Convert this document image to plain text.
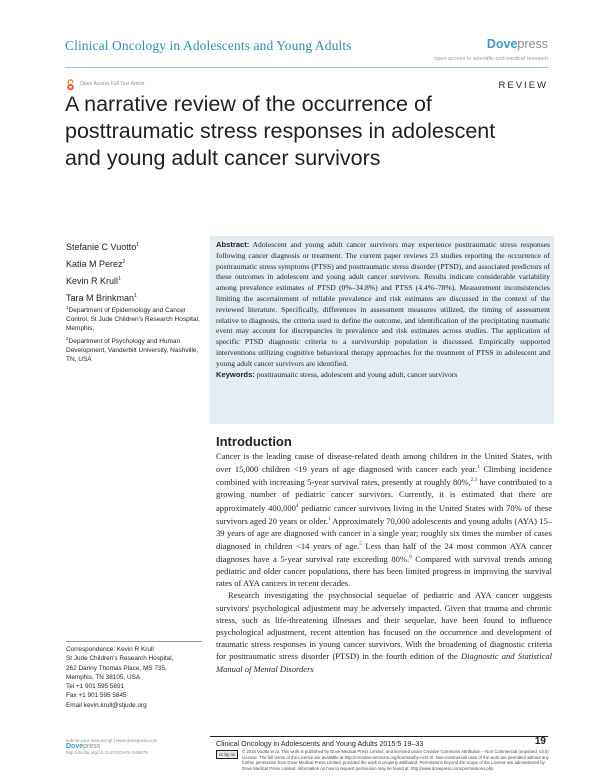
Clinical Oncology in Adolescents and Young Adults	Dovepress
open access to scientific and medical research
Open Access Full Text Article	REVIEW
A narrative review of the occurrence of posttraumatic stress responses in adolescent and young adult cancer survivors
Stefanie C Vuotto$^1$
Katia M Perez$^2$
Kevin R Krull$^1$
Tara M Brinkman$^1$

$^1$Department of Epidemiology and Cancer Control, St Jude Children's Research Hospital, Memphis,

$^2$Department of Psychology and Human Development, Vanderbilt University, Nashville, TN, USA

Abstract: Adolescent and young adult cancer survivors may experience posttraumatic stress responses following cancer diagnosis or treatment. The current paper reviews 23 studies reporting the occurrence of posttraumatic stress symptoms (PTSS) and posttraumatic stress disorder (PTSD), and associated predictors of these outcomes in adolescent and young adult cancer survivors. Results indicate considerable variability among prevalence estimates of PTSD (0%–34.8%) and PTSS (4.4%–78%). Measurement inconsistencies limiting the ascertainment of reliable prevalence and risk estimates are discussed in the context of the reviewed literature. Specifically, differences in assessment measures utilized, the timing of assessment relative to diagnosis, the criteria used to define the outcome, and identification of the precipitating traumatic event may account for discrepancies in prevalence and risk estimates across studies. The application of specific PTSD diagnostic criteria to a survivorship population is discussed. Empirically supported interventions utilizing cognitive behavioral therapy approaches for the treatment of PTSS in adolescent and young adult cancer survivors are identified.

Keywords: posttraumatic stress, adolescent and young adult, cancer survivors

Introduction

Cancer is the leading cause of disease-related death among children in the United States, with over 15,000 children <19 years of age diagnosed with cancer each year.$^1$ Climbing incidence combined with increasing 5-year survival rates, presently at roughly 80%,$^{2,3}$ have contributed to a growing number of pediatric cancer survivors. Currently, it is estimated that there are approximately 400,000$^4$ pediatric cancer survivors living in the United States with 70% of these survivors aged 20 years or older.$^1$ Approximately 70,000 adolescents and young adults (AYA) 15–39 years of age are diagnosed with cancer in a single year; roughly six times the number of cases diagnosed in children <14 years of age.$^5$ Less than half of the 24 most common AYA cancer diagnoses have a 5-year survival rate exceeding 80%.$^6$ Compared with survival trends among pediatric and older cancer populations, there has been limited progress in improving the survival rates of AYA cancers in recent decades.

Research investigating the psychosocial sequelae of pediatric and AYA cancer suggests survivors' psychological adjustment may be adversely impacted. Given that trauma and chronic stress, such as life-threatening illnesses and their sequelae, have been found to influence psychological adjustment, recent attention has focused on the occurrence and development of traumatic stress responses in young cancer survivors. With the broadening of diagnostic criteria for posttraumatic stress disorder (PTSD) in the fourth edition of the Diagnostic and Statistical Manual of Mental Disorders

Correspondence: Kevin R Krull
St Jude Children's Research Hospital,
262 Danny Thomas Place, MS 735,
Memphis, TN 38105, USA
Tel +1 901 595 5891
Fax +1 901 595 5845
Email kevin.krull@stjude.org
submit your manuscript | www.dovepress.com
Dovepress
http://dx.doi.org/10.2147/COAYA.S49575
Clinical Oncology in Adolescents and Young Adults 2015:5 19–33	19
cc by nc
© 2015 Vuotto et al. This work is published by Dove Medical Press Limited, and licensed under Creative Commons Attribution – Non Commercial (unported, v3.0) License. The full terms of the License are available at http://creativecommons.org/licenses/by-nc/3.0/. Non-commercial uses of the work are permitted without any further permission from Dove Medical Press Limited, provided the work is properly attributed. Permissions beyond the scope of the License are administered by Dove Medical Press Limited. Information on how to request permission may be found at: http://www.dovepress.com/permissions.php
